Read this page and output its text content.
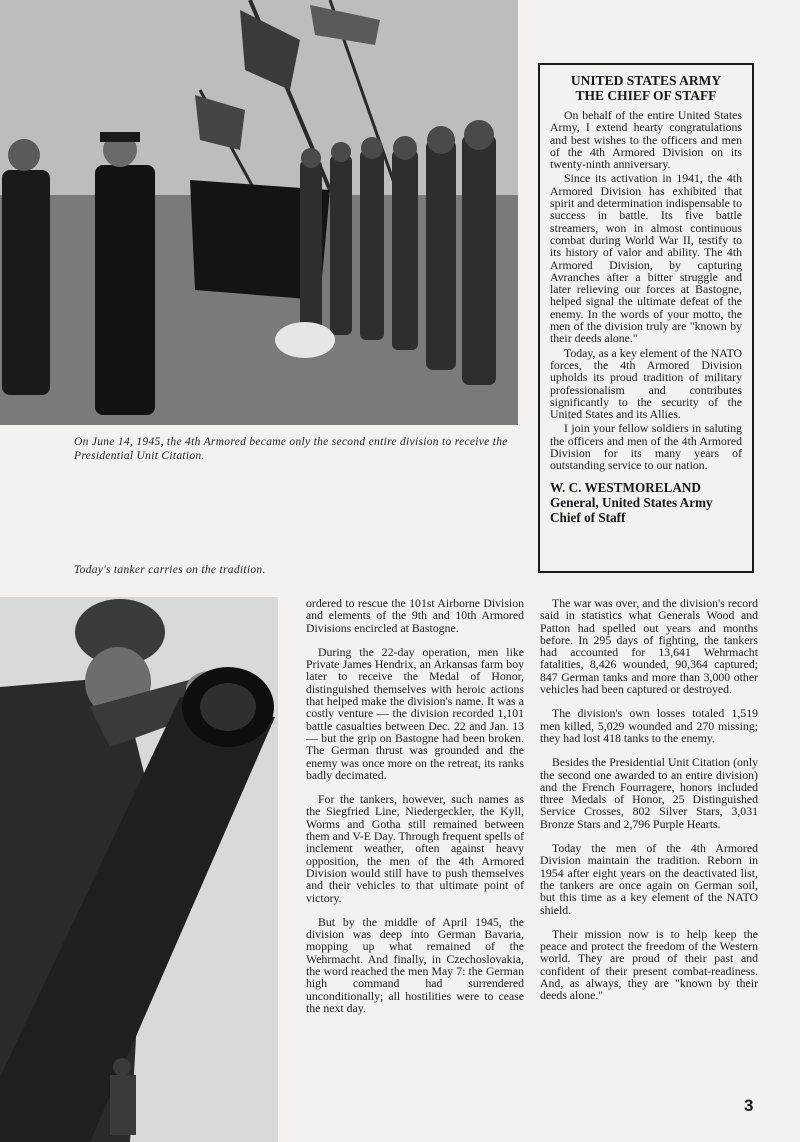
On June 14, 1945, the 4th Armored became only the second entire division to receive the Presidential Unit Citation.

UNITED STATES ARMY
THE CHIEF OF STAFF

On behalf of the entire United States Army, I extend hearty congratulations and best wishes to the officers and men of the 4th Armored Division on its twenty-ninth anniversary.

Since its activation in 1941, the 4th Armored Division has exhibited that spirit and determination indispensable to success in battle. Its five battle streamers, won in almost continuous combat during World War II, testify to its history of valor and ability. The 4th Armored Division, by capturing Avranches after a bitter struggle and later relieving our forces at Bastogne, helped signal the ultimate defeat of the enemy. In the words of your motto, the men of the division truly are "known by their deeds alone."

Today, as a key element of the NATO forces, the 4th Armored Division upholds its proud tradition of military professionalism and contributes significantly to the security of the United States and its Allies.

I join your fellow soldiers in saluting the officers and men of the 4th Armored Division for its many years of outstanding service to our nation.

W. C. WESTMORELAND
General, United States Army
Chief of Staff
Today's tanker carries on the tradition.

ordered to rescue the 101st Airborne Division and elements of the 9th and 10th Armored Divisions encircled at Bastogne.

During the 22-day operation, men like Private James Hendrix, an Arkansas farm boy later to receive the Medal of Honor, distinguished themselves with heroic actions that helped make the division's name. It was a costly venture — the division recorded 1,101 battle casualties between Dec. 22 and Jan. 13 — but the grip on Bastogne had been broken. The German thrust was grounded and the enemy was once more on the retreat, its ranks badly decimated.

For the tankers, however, such names as the Siegfried Line, Niedergeckler, the Kyll, Worms and Gotha still remained between them and V-E Day. Through frequent spells of inclement weather, often against heavy opposition, the men of the 4th Armored Division would still have to push themselves and their vehicles to that ultimate point of victory.

But by the middle of April 1945, the division was deep into German Bavaria, mopping up what remained of the Wehrmacht. And finally, in Czechoslovakia, the word reached the men May 7: the German high command had surrendered unconditionally; all hostilities were to cease the next day.

The war was over, and the division's record said in statistics what Generals Wood and Patton had spelled out years and months before. In 295 days of fighting, the tankers had accounted for 13,641 Wehrmacht fatalities, 8,426 wounded, 90,364 captured; 847 German tanks and more than 3,000 other vehicles had been captured or destroyed.

The division's own losses totaled 1,519 men killed, 5,029 wounded and 270 missing; they had lost 418 tanks to the enemy.

Besides the Presidential Unit Citation (only the second one awarded to an entire division) and the French Fourragere, honors included three Medals of Honor, 25 Distinguished Service Crosses, 802 Silver Stars, 3,031 Bronze Stars and 2,796 Purple Hearts.

Today the men of the 4th Armored Division maintain the tradition. Reborn in 1954 after eight years on the deactivated list, the tankers are once again on German soil, but this time as a key element of the NATO shield.

Their mission now is to help keep the peace and protect the freedom of the Western world. They are proud of their past and confident of their present combat-readiness. And, as always, they are "known by their deeds alone."

3
